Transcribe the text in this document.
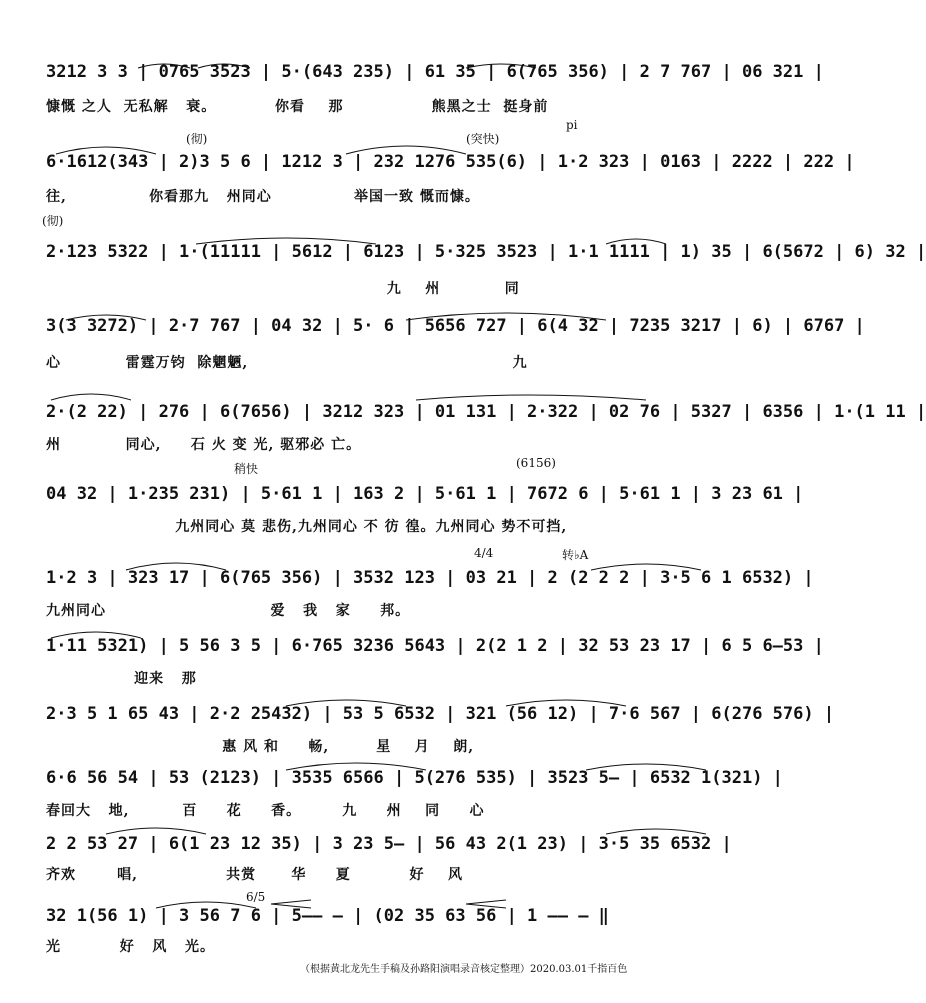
3212 3 3 | 0765 3523 | 5·(643 235) | 61 35 | 6(765 356) | 2 7 767 | 06 321 |
慷慨 之人  无私解   衰。          你看    那               熊黑之士  挺身前
pi
(彻)	(突快)
6·1612(343 | 2)3 5 6 | 1212 3 | 232 1276 535(6) | 1·2 323 | 0163 | 2222 | 222 |
往,              你看那九   州同心              举国一致 慨而慷。
(彻)
2·123 5322 | 1·(11111 | 5612 | 6123 | 5·325 3523 | 1·1 1111 | 1) 35 | 6(5672 | 6) 32 |
九    州           同
3(3 3272) | 2·7 767 | 04 32 | 5· 6 | 5656 727 | 6(4 32 | 7235 3217 | 6) | 6767 |
心           雷霆万钧  除魍魉,                                             九
2·(2 22) | 276 | 6(7656) | 3212 323 | 01 131 | 2·322 | 02 76 | 5327 | 6356 | 1·(1 11 |
州           同心,     石 火 变 光, 驱邪必 亡。
稍快	(6156)
04 32 | 1·235 231) | 5·61 1 | 163 2 | 5·61 1 | 7672 6 | 5·61 1 | 3 23 61 |
九州同心 莫 悲伤,九州同心 不 彷 徨。九州同心 势不可挡,
4/4	转♭A
1·2 3 | 323 17 | 6(765 356) | 3532 123 | 03 21 | 2 (2 2 2 | 3·5 6 1 6532) |
九州同心                            爱   我   家     邦。
1·11 5321) | 5 56 3 5 | 6·765 3236 5643 | 2(2 1 2 | 32 53 23 17 | 6 5 6–53 |
迎来   那
2·3 5 1 65 43 | 2·2 25432) | 53 5 6532 | 321 (56 12) | 7·6 567 | 6(276 576) |
惠 风 和     畅,        星    月    朗,
6·6 56 54 | 53 (2123) | 3535 6566 | 5(276 535) | 3523 5– | 6532 1(321) |
春回大   地,         百     花     香。       九     州    同     心
2 2 53 27 | 6(1 23 12 35) | 3 23 5– | 56 43 2(1 23) | 3·5 35 6532 |
齐欢       唱,               共赏      华     夏          好    风
6/5
32 1(56 1) | 3 56 7 6 | 5–– – | (02 35 63 56 | 1 –– – ‖
光          好   风   光。
（根据黄北龙先生手稿及孙路阳演唱录音核定整理）2020.03.01千指百色
